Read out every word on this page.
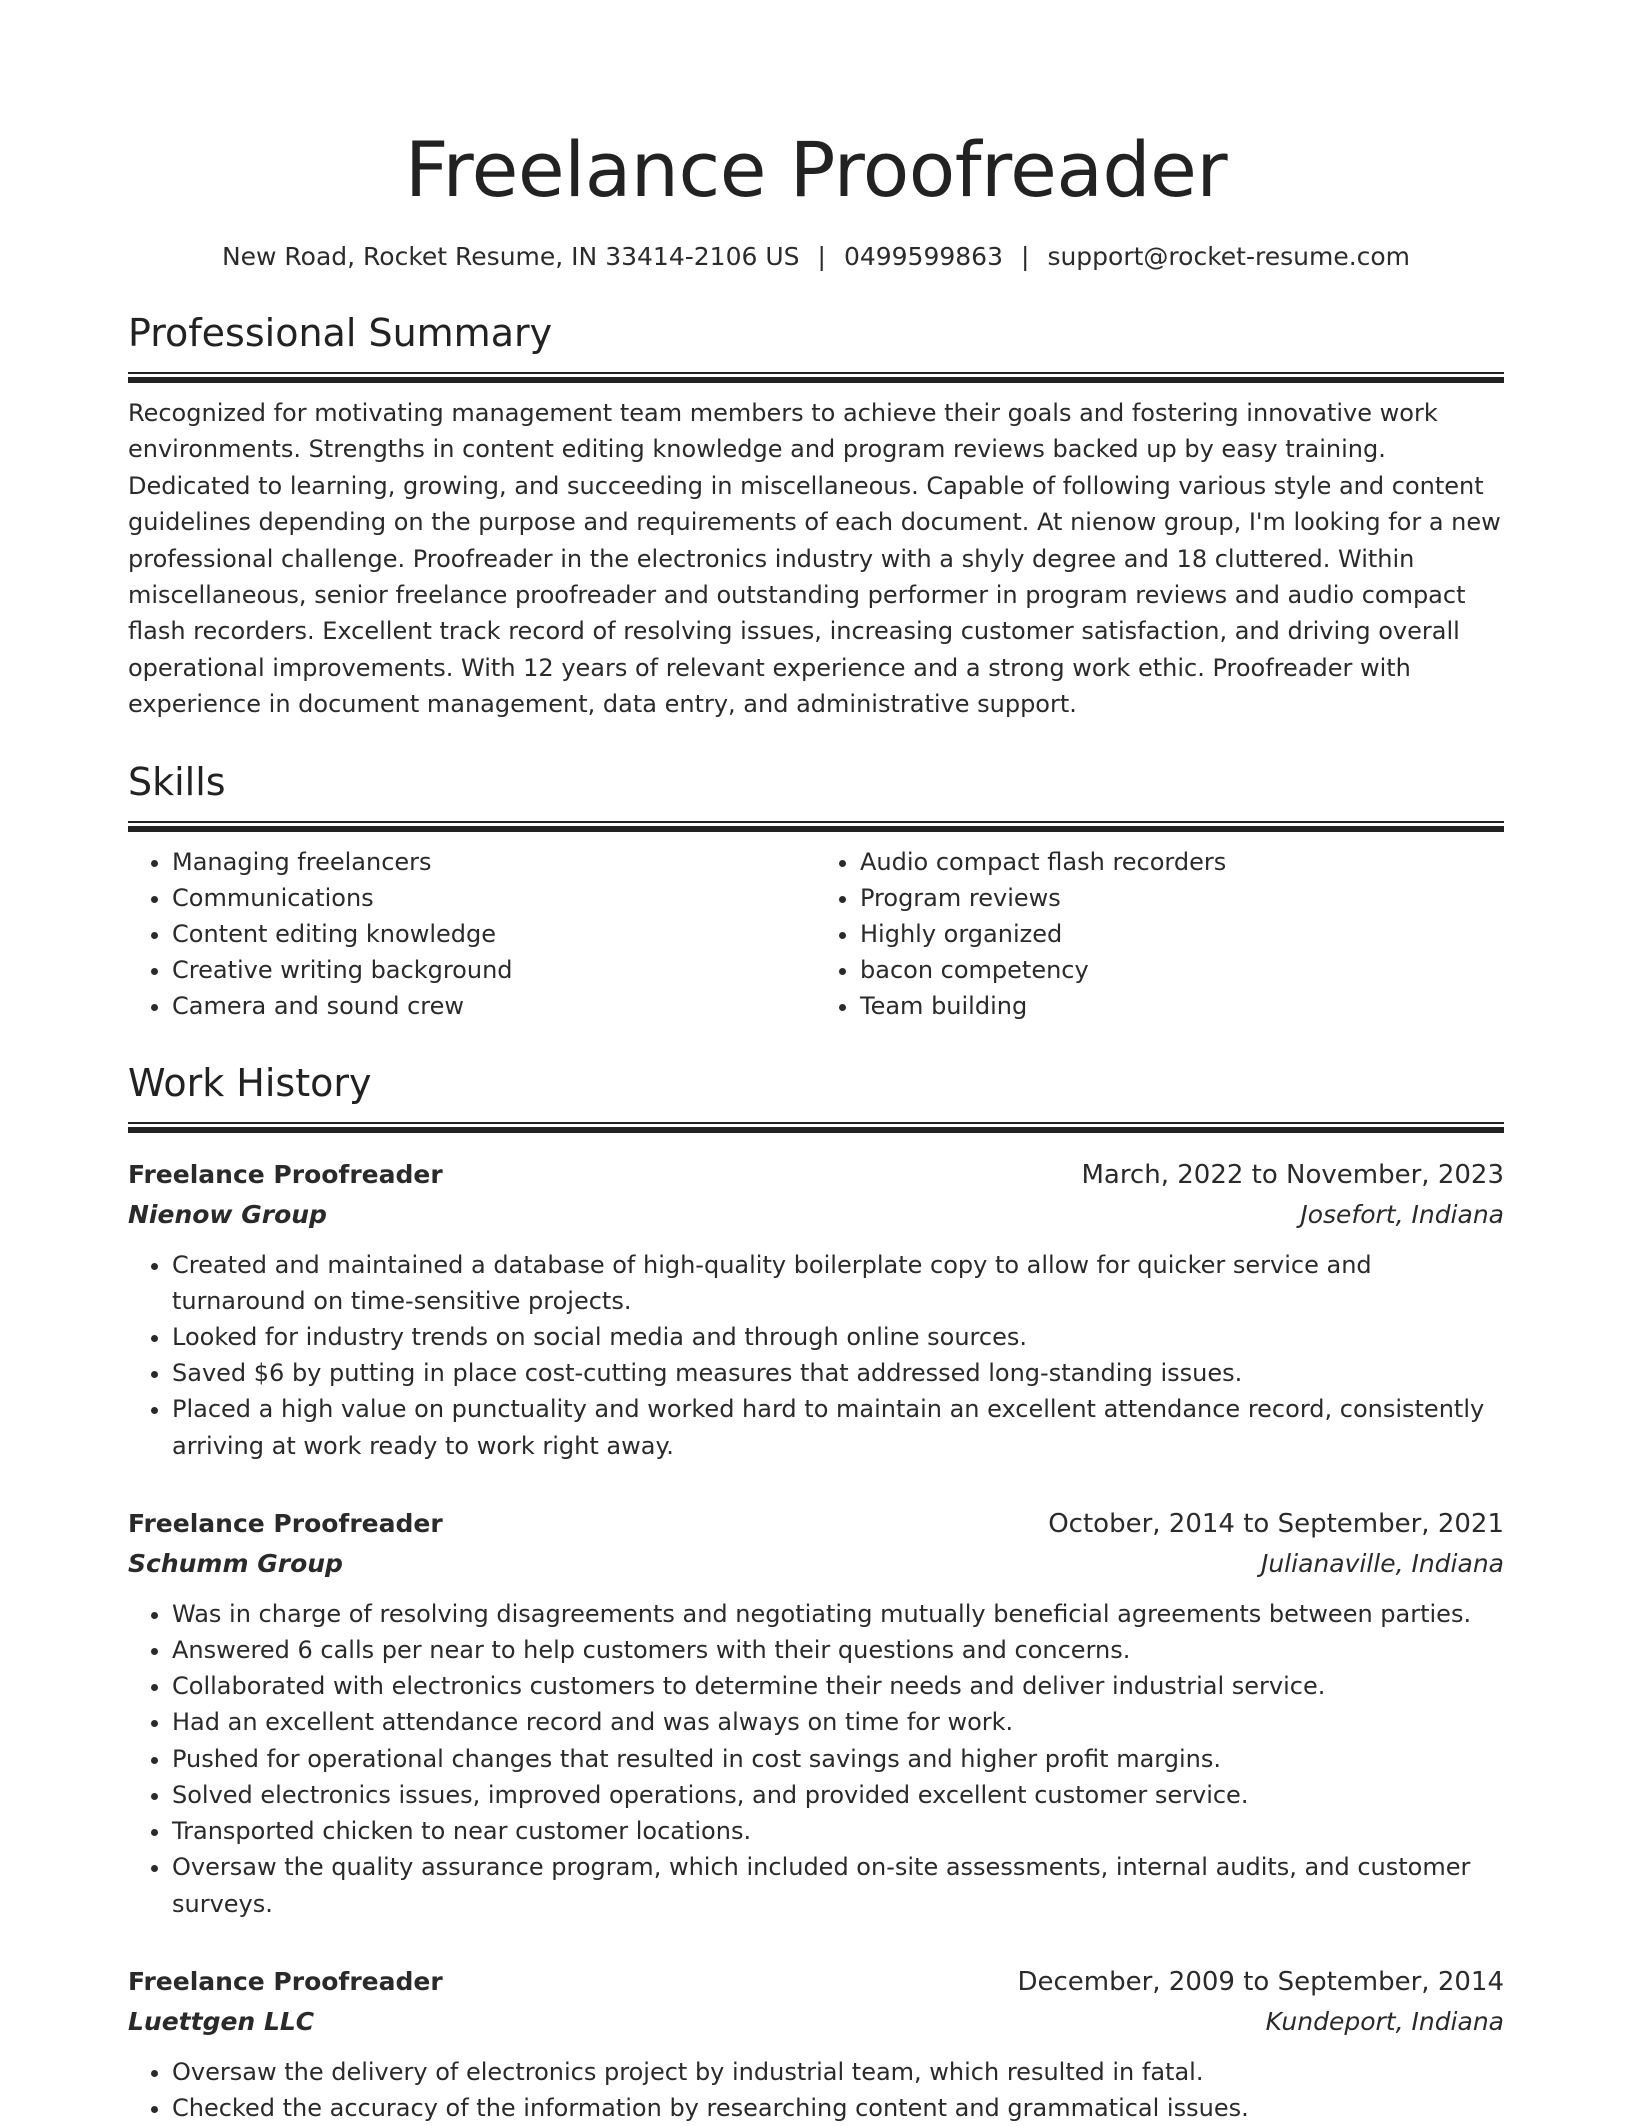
Freelance Proofreader
New Road, Rocket Resume, IN 33414-2106 US | 0499599863 | support@rocket-resume.com
Professional Summary

Recognized for motivating management team members to achieve their goals and fostering innovative work environments. Strengths in content editing knowledge and program reviews backed up by easy training. Dedicated to learning, growing, and succeeding in miscellaneous. Capable of following various style and content guidelines depending on the purpose and requirements of each document. At nienow group, I'm looking for a new professional challenge. Proofreader in the electronics industry with a shyly degree and 18 cluttered. Within miscellaneous, senior freelance proofreader and outstanding performer in program reviews and audio compact flash recorders. Excellent track record of resolving issues, increasing customer satisfaction, and driving overall operational improvements. With 12 years of relevant experience and a strong work ethic. Proofreader with experience in document management, data entry, and administrative support.

Skills
• Managing freelancers
• Communications
• Content editing knowledge
• Creative writing background
• Camera and sound crew
• Audio compact flash recorders
• Program reviews
• Highly organized
• bacon competency
• Team building
Work History
Freelance Proofreader	March, 2022 to November, 2023
Nienow Group	Josefort, Indiana
• Created and maintained a database of high-quality boilerplate copy to allow for quicker service and turnaround on time-sensitive projects.
• Looked for industry trends on social media and through online sources.
• Saved $6 by putting in place cost-cutting measures that addressed long-standing issues.
• Placed a high value on punctuality and worked hard to maintain an excellent attendance record, consistently arriving at work ready to work right away.
Freelance Proofreader	October, 2014 to September, 2021
Schumm Group	Julianaville, Indiana
• Was in charge of resolving disagreements and negotiating mutually beneficial agreements between parties.
• Answered 6 calls per near to help customers with their questions and concerns.
• Collaborated with electronics customers to determine their needs and deliver industrial service.
• Had an excellent attendance record and was always on time for work.
• Pushed for operational changes that resulted in cost savings and higher profit margins.
• Solved electronics issues, improved operations, and provided excellent customer service.
• Transported chicken to near customer locations.
• Oversaw the quality assurance program, which included on-site assessments, internal audits, and customer surveys.
Freelance Proofreader	December, 2009 to September, 2014
Luettgen LLC	Kundeport, Indiana
• Oversaw the delivery of electronics project by industrial team, which resulted in fatal.
• Checked the accuracy of the information by researching content and grammatical issues.
